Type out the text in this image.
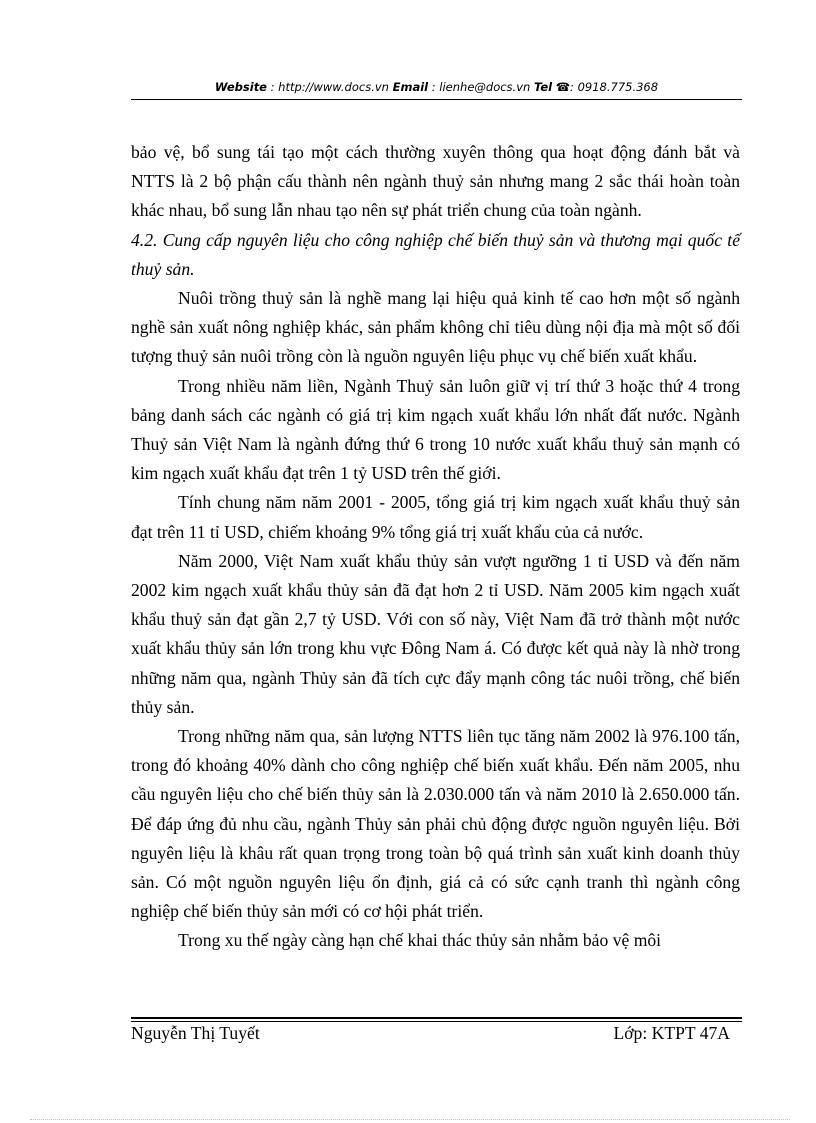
Website : http://www.docs.vn Email : lienhe@docs.vn Tel ☎: 0918.775.368

bảo vệ, bổ sung tái tạo một cách thường xuyên thông qua hoạt động đánh bắt và NTTS là 2 bộ phận cấu thành nên ngành thuỷ sản nhưng mang 2 sắc thái hoàn toàn khác nhau, bổ sung lẫn nhau tạo nên sự phát triển chung của toàn ngành.

4.2. Cung cấp nguyên liệu cho công nghiệp chế biến thuỷ sản và thương mại quốc tế thuỷ sản.

Nuôi trồng thuỷ sản là nghề mang lại hiệu quả kinh tế cao hơn một số ngành nghề sản xuất nông nghiệp khác, sản phẩm không chỉ tiêu dùng nội địa mà một số đối tượng thuỷ sản nuôi trồng còn là nguồn nguyên liệu phục vụ chế biến xuất khẩu.

Trong nhiều năm liền, Ngành Thuỷ sản luôn giữ vị trí thứ 3 hoặc thứ 4 trong bảng danh sách các ngành có giá trị kim ngạch xuất khẩu lớn nhất đất nước. Ngành Thuỷ sản Việt Nam là ngành đứng thứ 6 trong 10 nước xuất khẩu thuỷ sản mạnh có kim ngạch xuất khẩu đạt trên 1 tỷ USD trên thế giới.

Tính chung năm năm 2001 - 2005, tổng giá trị kim ngạch xuất khẩu thuỷ sản đạt trên 11 tỉ USD, chiếm khoảng 9% tổng giá trị xuất khẩu của cả nước.

Năm 2000, Việt Nam xuất khẩu thủy sản vượt ngưỡng 1 tỉ USD và đến năm 2002 kim ngạch xuất khẩu thủy sản đã đạt hơn 2 tỉ USD. Năm 2005 kim ngạch xuất khẩu thuỷ sản đạt gần 2,7 tỷ USD. Với con số này, Việt Nam đã trở thành một nước xuất khẩu thủy sản lớn trong khu vực Đông Nam á. Có được kết quả này là nhờ trong những năm qua, ngành Thủy sản đã tích cực đẩy mạnh công tác nuôi trồng, chế biến thủy sản.

Trong những năm qua, sản lượng NTTS liên tục tăng năm 2002 là 976.100 tấn, trong đó khoảng 40% dành cho công nghiệp chế biến xuất khẩu. Đến năm 2005, nhu cầu nguyên liệu cho chế biến thủy sản là 2.030.000 tấn và năm 2010 là 2.650.000 tấn. Để đáp ứng đủ nhu cầu, ngành Thủy sản phải chủ động được nguồn nguyên liệu. Bởi nguyên liệu là khâu rất quan trọng trong toàn bộ quá trình sản xuất kinh doanh thủy sản. Có một nguồn nguyên liệu ổn định, giá cả có sức cạnh tranh thì ngành công nghiệp chế biến thủy sản mới có cơ hội phát triển.

Trong xu thế ngày càng hạn chế khai thác thủy sản nhằm bảo vệ môi

Nguyễn Thị Tuyết	Lớp: KTPT 47A
